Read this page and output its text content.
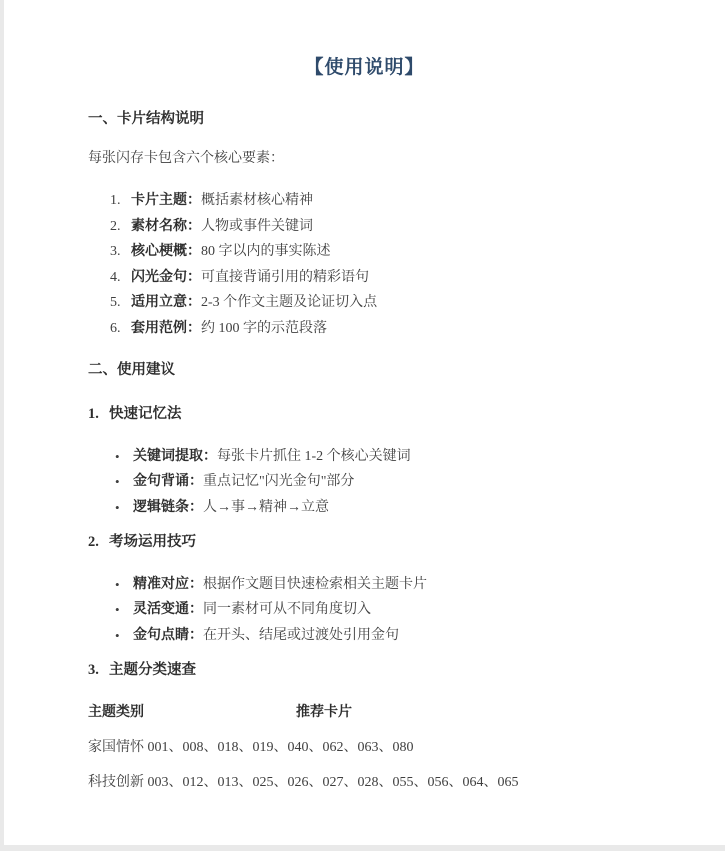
【使用说明】
一、卡片结构说明

每张闪存卡包含六个核心要素：

1. 卡片主题： 概括素材核心精神
2. 素材名称： 人物或事件关键词
3. 核心梗概： 80 字以内的事实陈述
4. 闪光金句： 可直接背诵引用的精彩语句
5. 适用立意： 2-3 个作文主题及论证切入点
6. 套用范例： 约 100 字的示范段落
二、使用建议
1. 快速记忆法
• 关键词提取： 每张卡片抓住 1-2 个核心关键词
• 金句背诵： 重点记忆"闪光金句"部分
• 逻辑链条： 人→事→精神→立意
2. 考场运用技巧
• 精准对应： 根据作文题目快速检索相关主题卡片
• 灵活变通： 同一素材可从不同角度切入
• 金句点睛： 在开头、结尾或过渡处引用金句
3. 主题分类速查
主题类别	推荐卡片
家国情怀 001、008、018、019、040、062、063、080
科技创新 003、012、013、025、026、027、028、055、056、064、065
